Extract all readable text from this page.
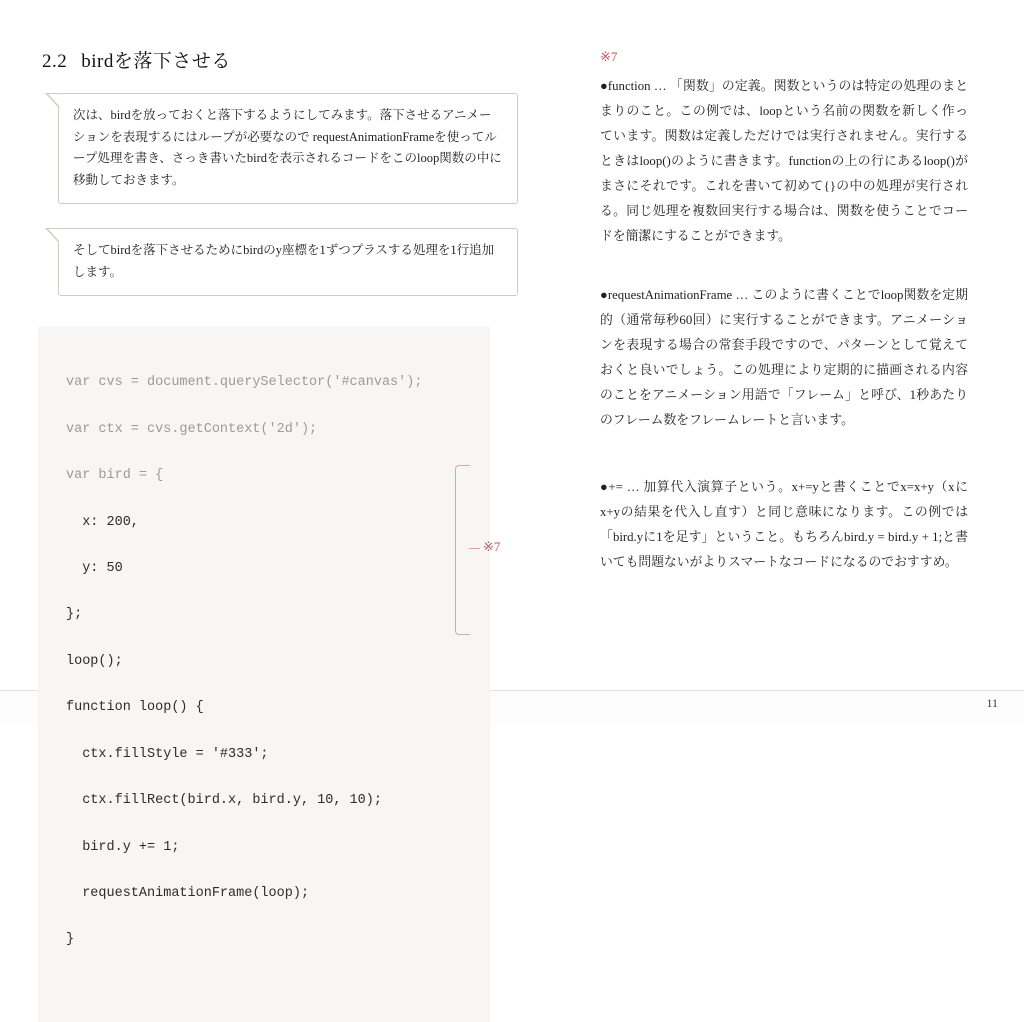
2.2 birdを落下させる
次は、birdを放っておくと落下するようにしてみます。落下させるアニメーションを表現するにはループが必要なので requestAnimationFrameを使ってループ処理を書き、さっき書いたbirdを表示されるコードをこのloop関数の中に移動しておきます。
そしてbirdを落下させるためにbirdのy座標を1ずつプラスする処理を1行追加します。

var cvs = document.querySelector('#canvas');

var ctx = cvs.getContext('2d');

var bird = {

x: 200,

y: 50

};

loop();

function loop() {

ctx.fillStyle = '#333';

ctx.fillRect(bird.x, bird.y, 10, 10);

bird.y += 1;

requestAnimationFrame(loop);

}

※7
※7

●function … 「関数」の定義。関数というのは特定の処理のまとまりのこと。この例では、loopという名前の関数を新しく作っています。関数は定義しただけでは実行されません。実行するときはloop()のように書きます。functionの上の行にあるloop()がまさにそれです。これを書いて初めて{}の中の処理が実行される。同じ処理を複数回実行する場合は、関数を使うことでコードを簡潔にすることができます。

●requestAnimationFrame … このように書くことでloop関数を定期的（通常毎秒60回）に実行することができます。アニメーションを表現する場合の常套手段ですので、パターンとして覚えておくと良いでしょう。この処理により定期的に描画される内容のことをアニメーション用語で「フレーム」と呼び、1秒あたりのフレーム数をフレームレートと言います。

●+= … 加算代入演算子という。x+=yと書くことでx=x+y（xにx+yの結果を代入し直す）と同じ意味になります。この例では「bird.yに1を足す」ということ。もちろんbird.y = bird.y + 1;と書いても問題ないがよりスマートなコードになるのでおすすめ。

11
